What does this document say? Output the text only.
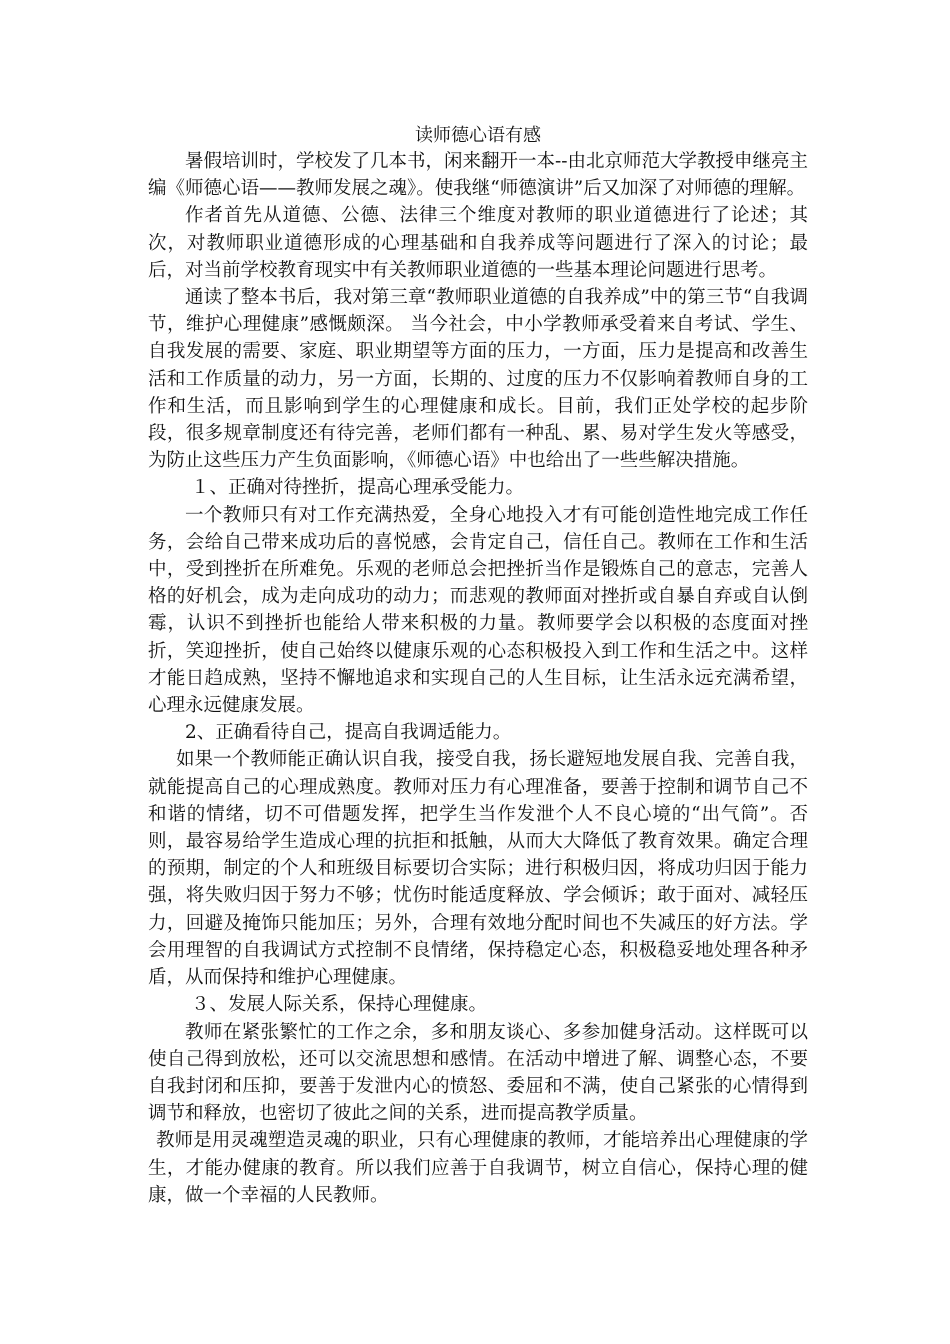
读师德心语有感

暑假培训时，学校发了几本书，闲来翻开一本--由北京师范大学教授申继亮主编《师德心语——教师发展之魂》。使我继“师德演讲”后又加深了对师德的理解。

作者首先从道德、公德、法律三个维度对教师的职业道德进行了论述；其次，对教师职业道德形成的心理基础和自我养成等问题进行了深入的讨论；最后，对当前学校教育现实中有关教师职业道德的一些基本理论问题进行思考。

通读了整本书后，我对第三章“教师职业道德的自我养成”中的第三节“自我调节，维护心理健康”感慨颇深。 当今社会，中小学教师承受着来自考试、学生、自我发展的需要、家庭、职业期望等方面的压力，一方面，压力是提高和改善生活和工作质量的动力，另一方面，长期的、过度的压力不仅影响着教师自身的工作和生活，而且影响到学生的心理健康和成长。目前，我们正处学校的起步阶段，很多规章制度还有待完善，老师们都有一种乱、累、易对学生发火等感受，为防止这些压力产生负面影响，《师德心语》中也给出了一些些解决措施。

１、正确对待挫折，提高心理承受能力。

一个教师只有对工作充满热爱，全身心地投入才有可能创造性地完成工作任务，会给自己带来成功后的喜悦感，会肯定自己，信任自己。教师在工作和生活中，受到挫折在所难免。乐观的老师总会把挫折当作是锻炼自己的意志，完善人格的好机会，成为走向成功的动力；而悲观的教师面对挫折或自暴自弃或自认倒霉，认识不到挫折也能给人带来积极的力量。教师要学会以积极的态度面对挫折，笑迎挫折，使自己始终以健康乐观的心态积极投入到工作和生活之中。这样才能日趋成熟，坚持不懈地追求和实现自己的人生目标，让生活永远充满希望，心理永远健康发展。

2、正确看待自己，提高自我调适能力。

如果一个教师能正确认识自我，接受自我，扬长避短地发展自我、完善自我，就能提高自己的心理成熟度。教师对压力有心理准备，要善于控制和调节自己不和谐的情绪，切不可借题发挥，把学生当作发泄个人不良心境的“出气筒”。否则，最容易给学生造成心理的抗拒和抵触，从而大大降低了教育效果。确定合理的预期，制定的个人和班级目标要切合实际；进行积极归因，将成功归因于能力强，将失败归因于努力不够；忧伤时能适度释放、学会倾诉；敢于面对、减轻压力，回避及掩饰只能加压；另外，合理有效地分配时间也不失减压的好方法。学会用理智的自我调试方式控制不良情绪，保持稳定心态，积极稳妥地处理各种矛盾，从而保持和维护心理健康。

３、发展人际关系，保持心理健康。

教师在紧张繁忙的工作之余，多和朋友谈心、多参加健身活动。这样既可以使自己得到放松，还可以交流思想和感情。在活动中增进了解、调整心态，不要自我封闭和压抑，要善于发泄内心的愤怒、委屈和不满，使自己紧张的心情得到调节和释放，也密切了彼此之间的关系，进而提高教学质量。

教师是用灵魂塑造灵魂的职业，只有心理健康的教师，才能培养出心理健康的学生，才能办健康的教育。所以我们应善于自我调节，树立自信心，保持心理的健康，做一个幸福的人民教师。
